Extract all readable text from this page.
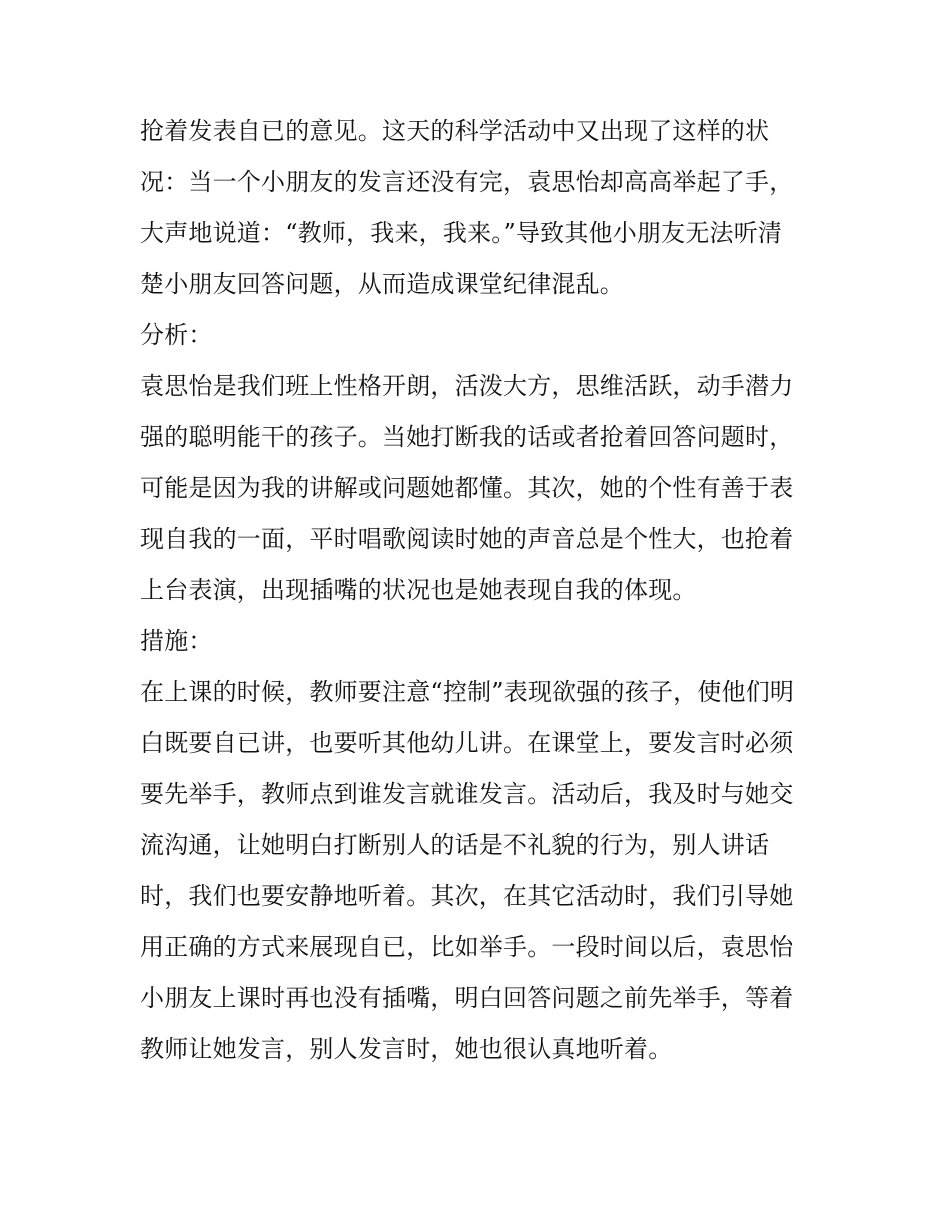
抢着发表自已的意见。这天的科学活动中又出现了这样的状
况：当一个小朋友的发言还没有完，袁思怡却高高举起了手，
大声地说道：“教师，我来，我来。”导致其他小朋友无法听清
楚小朋友回答问题，从而造成课堂纪律混乱。
分析：
袁思怡是我们班上性格开朗，活泼大方，思维活跃，动手潜力
强的聪明能干的孩子。当她打断我的话或者抢着回答问题时，
可能是因为我的讲解或问题她都懂。其次，她的个性有善于表
现自我的一面，平时唱歌阅读时她的声音总是个性大，也抢着
上台表演，出现插嘴的状况也是她表现自我的体现。
措施：
在上课的时候，教师要注意“控制”表现欲强的孩子，使他们明
白既要自已讲，也要听其他幼儿讲。在课堂上，要发言时必须
要先举手，教师点到谁发言就谁发言。活动后，我及时与她交
流沟通，让她明白打断别人的话是不礼貌的行为，别人讲话
时，我们也要安静地听着。其次，在其它活动时，我们引导她
用正确的方式来展现自已，比如举手。一段时间以后，袁思怡
小朋友上课时再也没有插嘴，明白回答问题之前先举手，等着
教师让她发言，别人发言时，她也很认真地听着。
